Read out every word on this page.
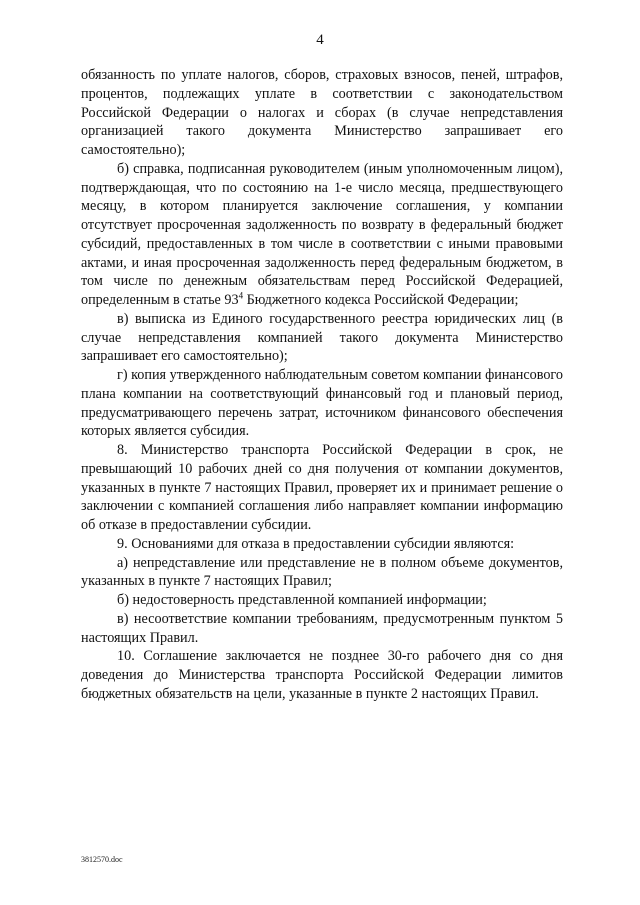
4

обязанность по уплате налогов, сборов, страховых взносов, пеней, штрафов, процентов, подлежащих уплате в соответствии с законодательством Российской Федерации о налогах и сборах (в случае непредставления организацией такого документа Министерство запрашивает его самостоятельно);

б) справка, подписанная руководителем (иным уполномоченным лицом), подтверждающая, что по состоянию на 1-е число месяца, предшествующего месяцу, в котором планируется заключение соглашения, у компании отсутствует просроченная задолженность по возврату в федеральный бюджет субсидий, предоставленных в том числе в соответствии с иными правовыми актами, и иная просроченная задолженность перед федеральным бюджетом, в том числе по денежным обязательствам перед Российской Федерацией, определенным в статье $93^4$ Бюджетного кодекса Российской Федерации;

в) выписка из Единого государственного реестра юридических лиц (в случае непредставления компанией такого документа Министерство запрашивает его самостоятельно);

г) копия утвержденного наблюдательным советом компании финансового плана компании на соответствующий финансовый год и плановый период, предусматривающего перечень затрат, источником финансового обеспечения которых является субсидия.

8. Министерство транспорта Российской Федерации в срок, не превышающий 10 рабочих дней со дня получения от компании документов, указанных в пункте 7 настоящих Правил, проверяет их и принимает решение о заключении с компанией соглашения либо направляет компании информацию об отказе в предоставлении субсидии.

9. Основаниями для отказа в предоставлении субсидии являются:

а) непредставление или представление не в полном объеме документов, указанных в пункте 7 настоящих Правил;

б) недостоверность представленной компанией информации;

в) несоответствие компании требованиям, предусмотренным пунктом 5 настоящих Правил.

10. Соглашение заключается не позднее 30-го рабочего дня со дня доведения до Министерства транспорта Российской Федерации лимитов бюджетных обязательств на цели, указанные в пункте 2 настоящих Правил.

3812570.doc
